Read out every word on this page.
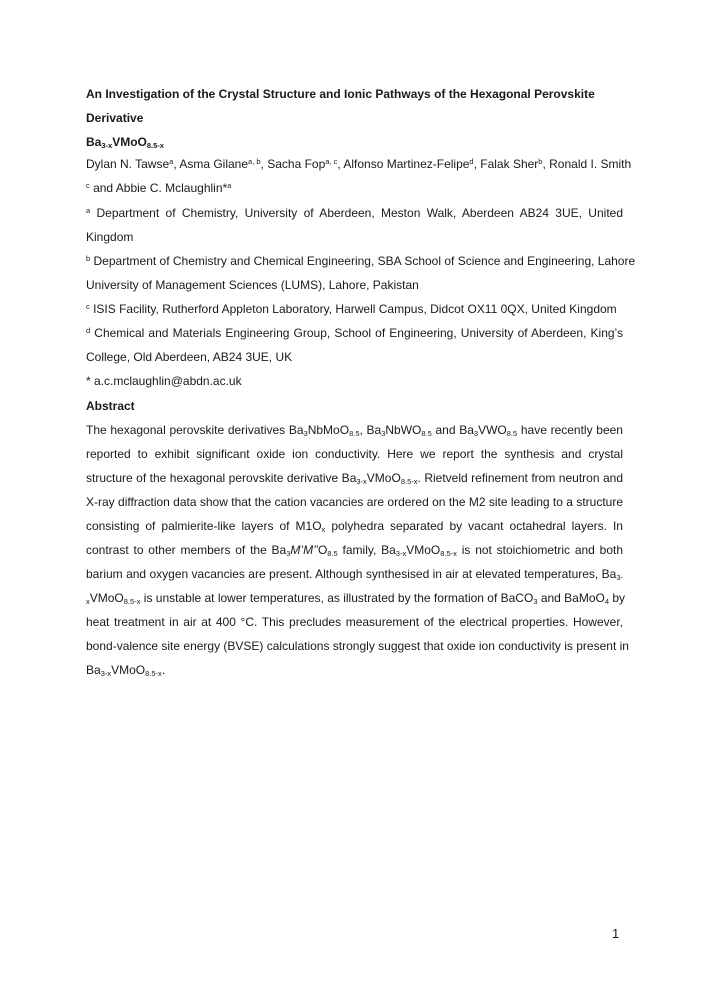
An Investigation of the Crystal Structure and Ionic Pathways of the Hexagonal Perovskite Derivative
$Ba_{3-x}VMoO_{8.5-x}$
Dylan N. Tawse$^a$, Asma Gilane$^{a, b}$, Sacha Fop$^{a, c}$, Alfonso Martinez-Felipe$^d$, Falak Sher$^b$, Ronald I. Smith
$^c$ and Abbie C. Mclaughlin*$^a$
$^a$ Department of Chemistry, University of Aberdeen, Meston Walk, Aberdeen AB24 3UE, United
Kingdom
$^b$ Department of Chemistry and Chemical Engineering, SBA School of Science and Engineering, Lahore
University of Management Sciences (LUMS), Lahore, Pakistan
$^c$ ISIS Facility, Rutherford Appleton Laboratory, Harwell Campus, Didcot OX11 0QX, United Kingdom
$^d$ Chemical and Materials Engineering Group, School of Engineering, University of Aberdeen, King’s
College, Old Aberdeen, AB24 3UE, UK
* a.c.mclaughlin@abdn.ac.uk
Abstract
The hexagonal perovskite derivatives $Ba_3NbMoO_{8.5}$, $Ba_3NbWO_{8.5}$ and $Ba_3VWO_{8.5}$ have recently been
reported to exhibit significant oxide ion conductivity. Here we report the synthesis and crystal
structure of the hexagonal perovskite derivative $Ba_{3-x}VMoO_{8.5-x}$. Rietveld refinement from neutron and
X-ray diffraction data show that the cation vacancies are ordered on the M2 site leading to a structure
consisting of palmierite-like layers of $M1O_x$ polyhedra separated by vacant octahedral layers. In
contrast to other members of the $Ba_3M’M’’O_{8.5}$ family, $Ba_{3-x}VMoO_{8.5-x}$ is not stoichiometric and both
barium and oxygen vacancies are present. Although synthesised in air at elevated temperatures, $Ba_{3-}$
$_x$VMoO$_{8.5-x}$ is unstable at lower temperatures, as illustrated by the formation of BaCO$_3$ and BaMoO$_4$ by
heat treatment in air at 400 °C. This precludes measurement of the electrical properties. However,
bond-valence site energy (BVSE) calculations strongly suggest that oxide ion conductivity is present in
$Ba_{3-x}VMoO_{8.5-x}$.
1
